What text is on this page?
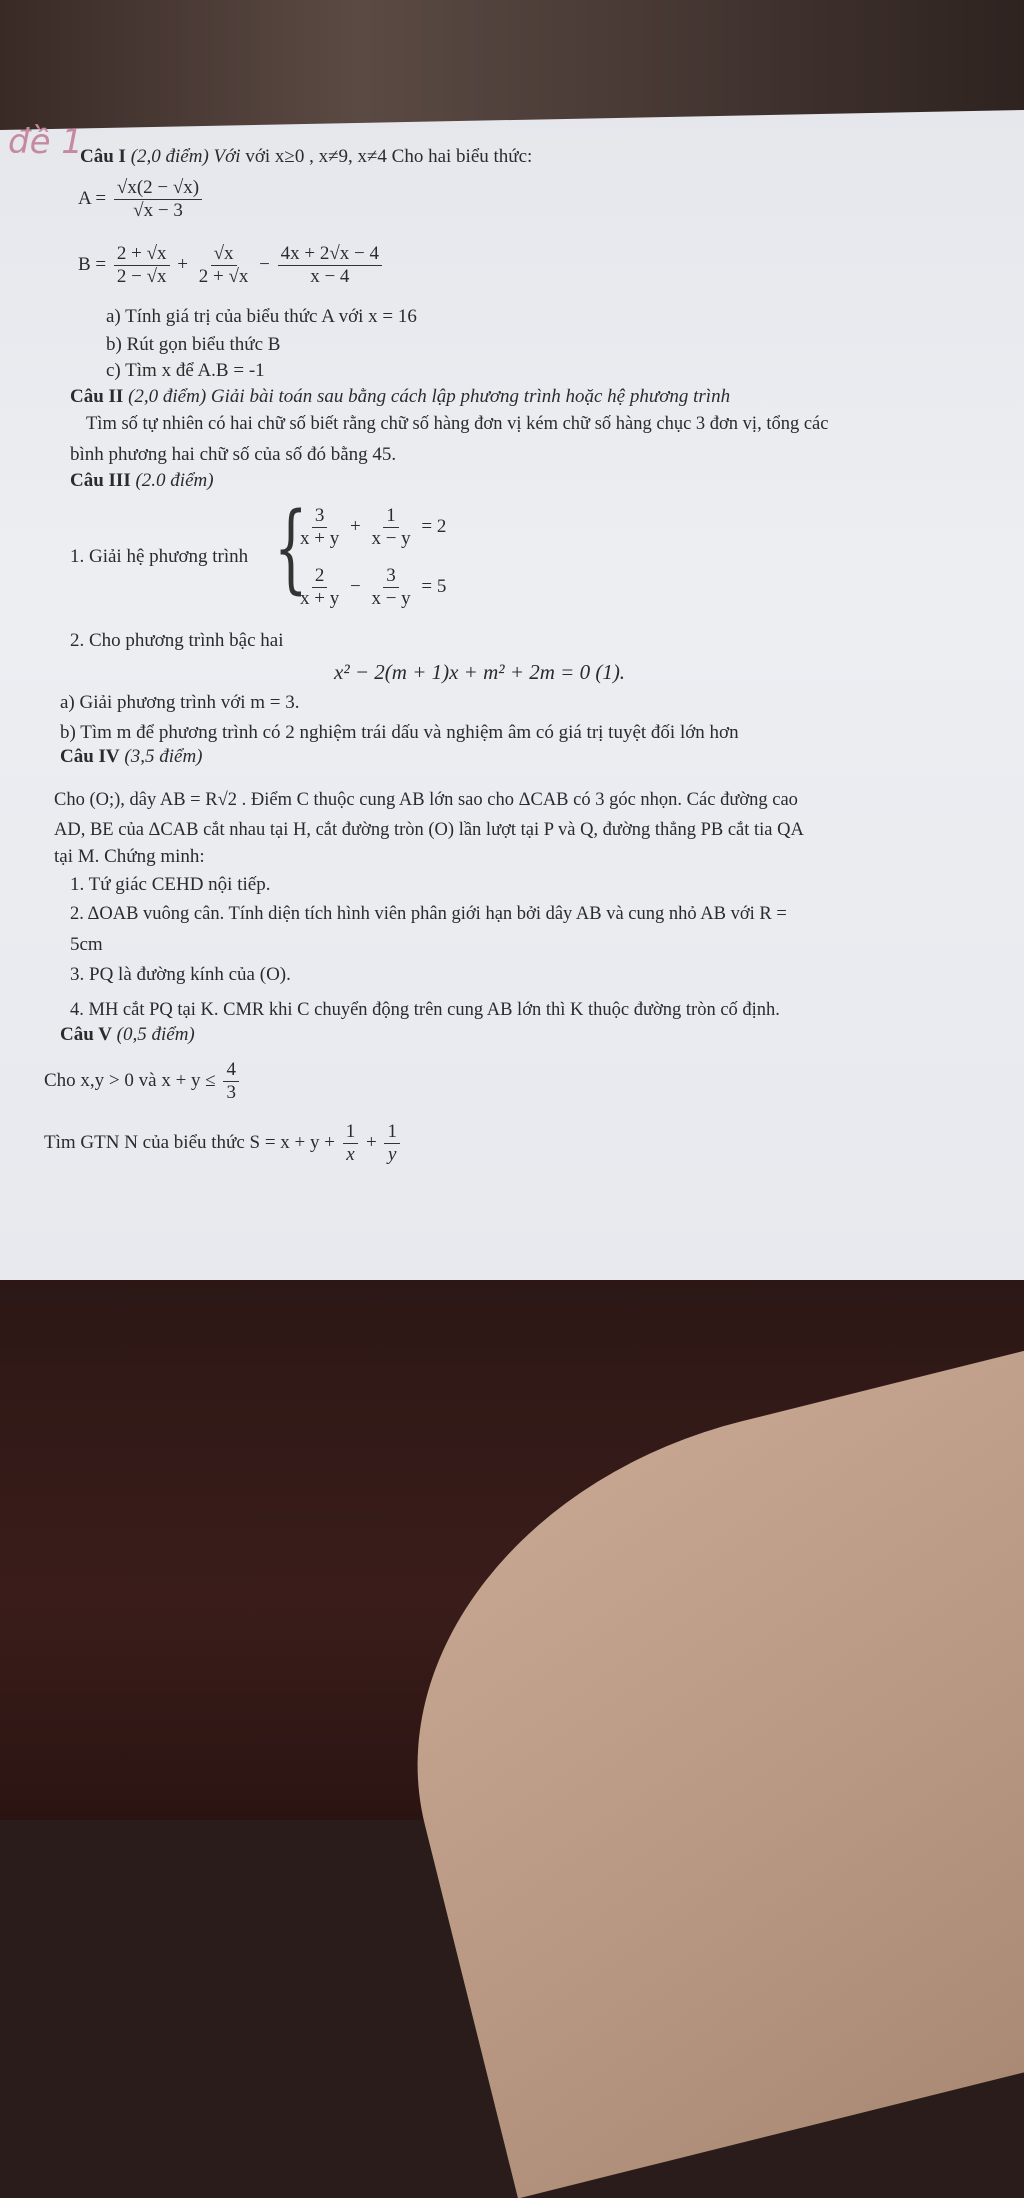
đề 1
Câu I (2,0 điểm) Với với x≥0 , x≠9, x≠4 Cho hai biểu thức:
$A = \frac{√x(2 - √x)}{√x - 3}$
$B = \frac{2 + √x}{2 - √x} + \frac{√x}{2 + √x} - \frac{4x + 2√x - 4}{x - 4}$
a) Tính giá trị của biểu thức A với x = 16
b) Rút gọn biểu thức B
c) Tìm x để A.B = -1
Câu II (2,0 điểm) Giải bài toán sau bằng cách lập phương trình hoặc hệ phương trình
Tìm số tự nhiên có hai chữ số biết rằng chữ số hàng đơn vị kém chữ số hàng chục 3 đơn vị, tổng các
bình phương hai chữ số của số đó bằng 45.
Câu III (2.0 điểm)
1. Giải hệ phương trình {
$\frac{3}{x + y} + \frac{1}{x - y} = 2$
$\frac{2}{x + y} - \frac{3}{x - y} = 5$
2. Cho phương trình bậc hai
x² − 2(m + 1)x + m² + 2m = 0 (1).
a) Giải phương trình với m = 3.
b) Tìm m để phương trình có 2 nghiệm trái dấu và nghiệm âm có giá trị tuyệt đối lớn hơn
Câu IV (3,5 điểm)
Cho (O;), dây AB = R√2 . Điểm C thuộc cung AB lớn sao cho ΔCAB có 3 góc nhọn. Các đường cao
AD, BE của ΔCAB cắt nhau tại H, cắt đường tròn (O) lần lượt tại P và Q, đường thẳng PB cắt tia QA
tại M. Chứng minh:
1. Tứ giác CEHD nội tiếp.
2. ΔOAB vuông cân. Tính diện tích hình viên phân giới hạn bởi dây AB và cung nhỏ AB với R =
5cm
3. PQ là đường kính của (O).
4. MH cắt PQ tại K. CMR khi C chuyển động trên cung AB lớn thì K thuộc đường tròn cố định.
Câu V (0,5 điểm)
Cho x,y > 0 và $x + y \le \frac{4}{3}$
Tìm GTN N của biểu thức $S = x + y + \frac{1}{x} + \frac{1}{y}$
